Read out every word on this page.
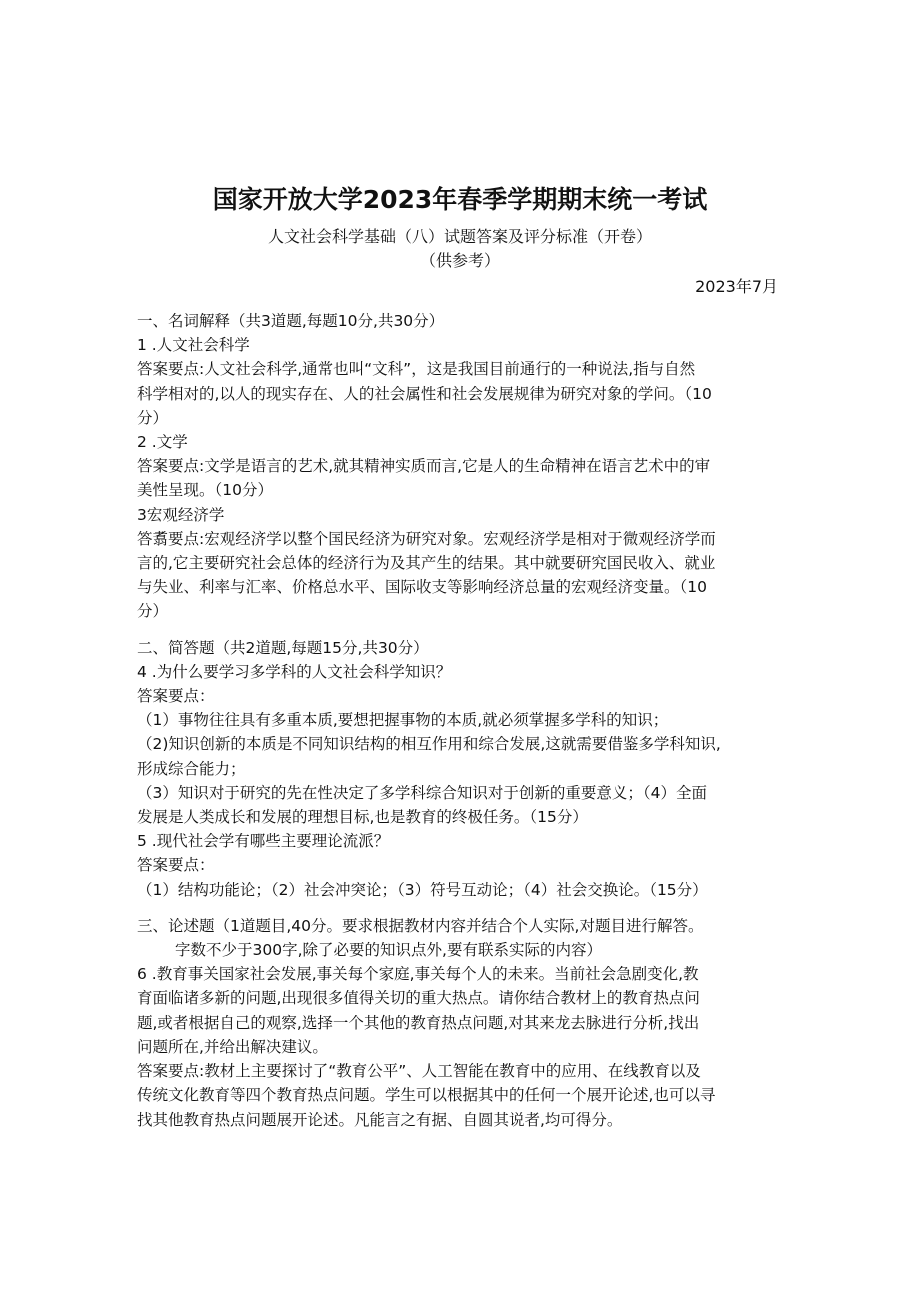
国家开放大学2023年春季学期期末统一考试
人文社会科学基础（八）试题答案及评分标准（开卷）
（供参考）
2023年7月

一、名词解释（共3道题,每题10分,共30分）

1 .人文社会科学

答案要点:人文社会科学,通常也叫“文科”，这是我国目前通行的一种说法,指与自然

科学相对的,以人的现实存在、人的社会属性和社会发展规律为研究对象的学问。（10

分）

2 .文学

答案要点:文学是语言的艺术,就其精神实质而言,它是人的生命精神在语言艺术中的审

美性呈现。（10分）

3宏观经济学

答翥要点:宏观经济学以整个国民经济为研究对象。宏观经济学是相对于微观经济学而

言的,它主要研究社会总体的经济行为及其产生的结果。其中就要研究国民收入、就业

与失业、利率与汇率、价格总水平、国际收支等影响经济总量的宏观经济变量。（10

分）

二、简答题（共2道题,每题15分,共30分）

4 .为什么要学习多学科的人文社会科学知识？

答案要点：

（1）事物往往具有多重本质,要想把握事物的本质,就必须掌握多学科的知识；

（2)知识创新的本质是不同知识结构的相互作用和综合发展,这就需要借鉴多学科知识,

形成综合能力；

（3）知识对于研究的先在性决定了多学科综合知识对于创新的重要意义；（4）全面

发展是人类成长和发展的理想目标,也是教育的终极任务。（15分）

5 .现代社会学有哪些主要理论流派？

答案要点：

（1）结构功能论；（2）社会冲突论；（3）符号互动论；（4）社会交换论。（15分）

三、论述题（1道题目,40分。要求根据教材内容并结合个人实际,对题目进行解答。

字数不少于300字,除了必要的知识点外,要有联系实际的内容）

6 .教育事关国家社会发展,事关每个家庭,事关每个人的未来。当前社会急剧变化,教

育面临诸多新的问题,出现很多值得关切的重大热点。请你结合教材上的教育热点问

题,或者根据自己的观察,选择一个其他的教育热点问题,对其来龙去脉进行分析,找出

问题所在,并给出解决建议。

答案要点:教材上主要探讨了“教育公平”、人工智能在教育中的应用、在线教育以及

传统文化教育等四个教育热点问题。学生可以根据其中的任何一个展开论述,也可以寻

找其他教育热点问题展开论述。凡能言之有据、自圆其说者,均可得分。
